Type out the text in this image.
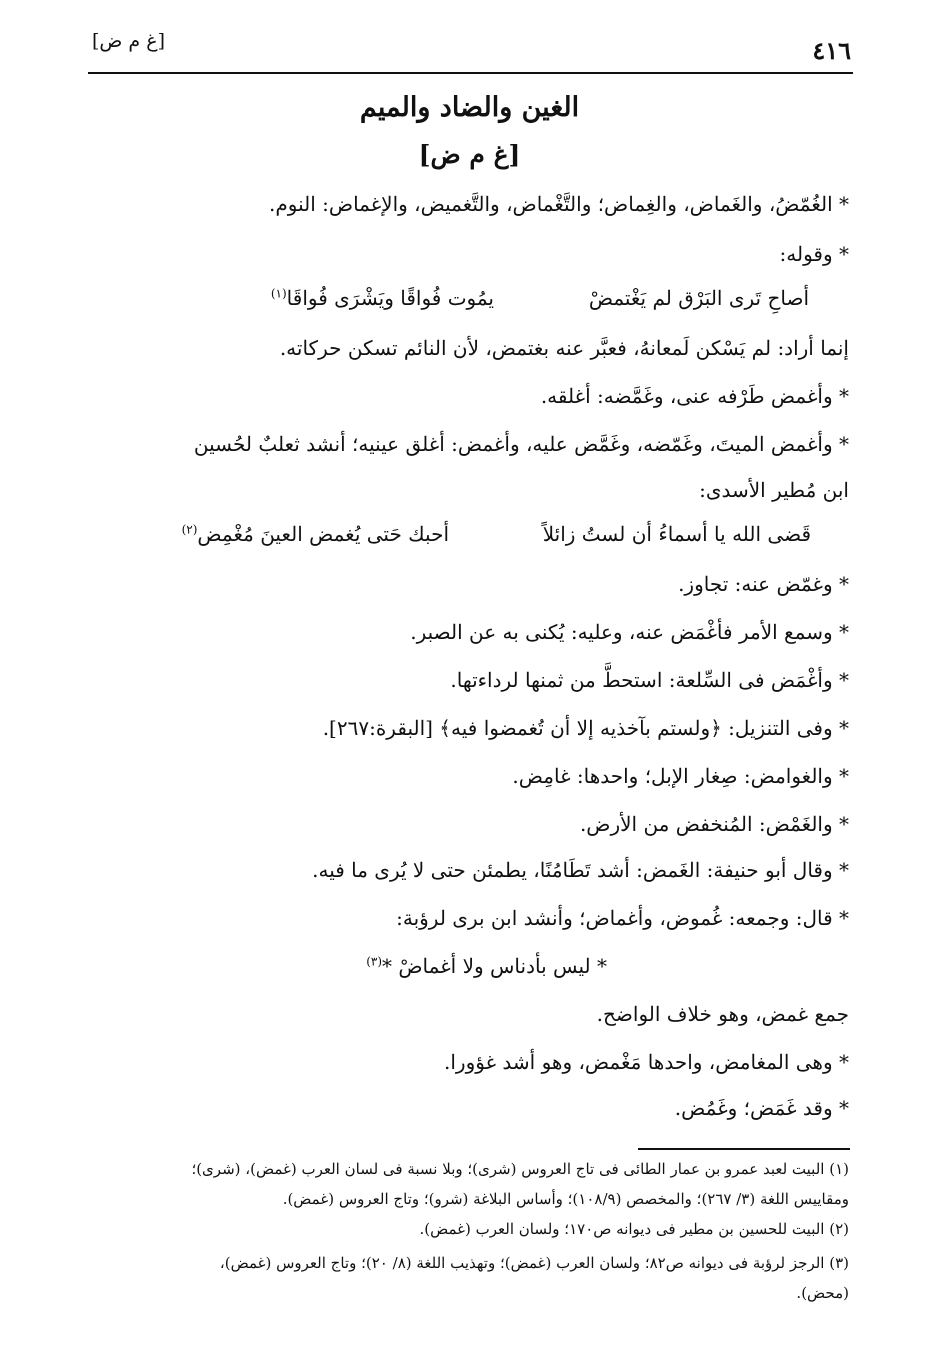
[غ م ض]	٤١٦
الغين والضاد والميم
[غ م ض]
* الغُمّضُ، والغَماض، والغِماض؛ والتَّغْماض، والتَّغميض، والإغماض: النوم.
* وقوله:
أصاحِ تَرى البَرْق لم يَغْتمضْ
يمُوت فُواقًا ويَشْرَى فُواقَا$^{(١)}$
إنما أراد: لم يَسْكن لَمعانهُ، فعبَّر عنه بغتمض، لأن النائم تسكن حركاته.
* وأغمض طَرْفه عنى، وغَمَّضه: أغلقه.
* وأغمض الميتَ، وغَمّضه، وغَمَّض عليه، وأغمض: أغلق عينيه؛ أنشد ثعلبٌ لحُسين
ابن مُطير الأسدى:
قَضى الله يا أسماءُ أن لستُ زائلاً
أحبك حَتى يُغمض العينَ مُغْمِض$^{(٢)}$
* وغمّض عنه: تجاوز.
* وسمع الأمر فأغْمَض عنه، وعليه: يُكنى به عن الصبر.
* وأغْمَض فى السِّلعة: استحطَّ من ثمنها لرداءتها.
* وفى التنزيل: ﴿ولستم بآخذيه إلا أن تُغمضوا فيه﴾ [البقرة:٢٦٧].
* والغوامض: صِغار الإبل؛ واحدها: غامِض.
* والغَمْض: المُنخفض من الأرض.
* وقال أبو حنيفة: الغَمض: أشد تَطَامُنًا، يطمئن حتى لا يُرى ما فيه.
* قال: وجمعه: غُموض، وأغماض؛ وأنشد ابن برى لرؤبة:
* ليس بأدناس ولا أغماضْ *$^{(٣)}$
جمع غمض، وهو خلاف الواضح.
* وهى المغامض، واحدها مَغْمض، وهو أشد غؤورا.
* وقد غَمَض؛ وغَمُض.
(١) البيت لعبد عمرو بن عمار الطائى فى تاج العروس (شرى)؛ وبلا نسبة فى لسان العرب (غمض)، (شرى)؛
ومقاييس اللغة (٣/ ٢٦٧)؛ والمخصص (١٠٨/٩)؛ وأساس البلاغة (شرو)؛ وتاج العروس (غمض).
(٢) البيت للحسين بن مطير فى ديوانه ص١٧٠؛ ولسان العرب (غمض).
(٣) الرجز لرؤبة فى ديوانه ص٨٢؛ ولسان العرب (غمض)؛ وتهذيب اللغة (٨/ ٢٠)؛ وتاج العروس (غمض)،
(محض).
